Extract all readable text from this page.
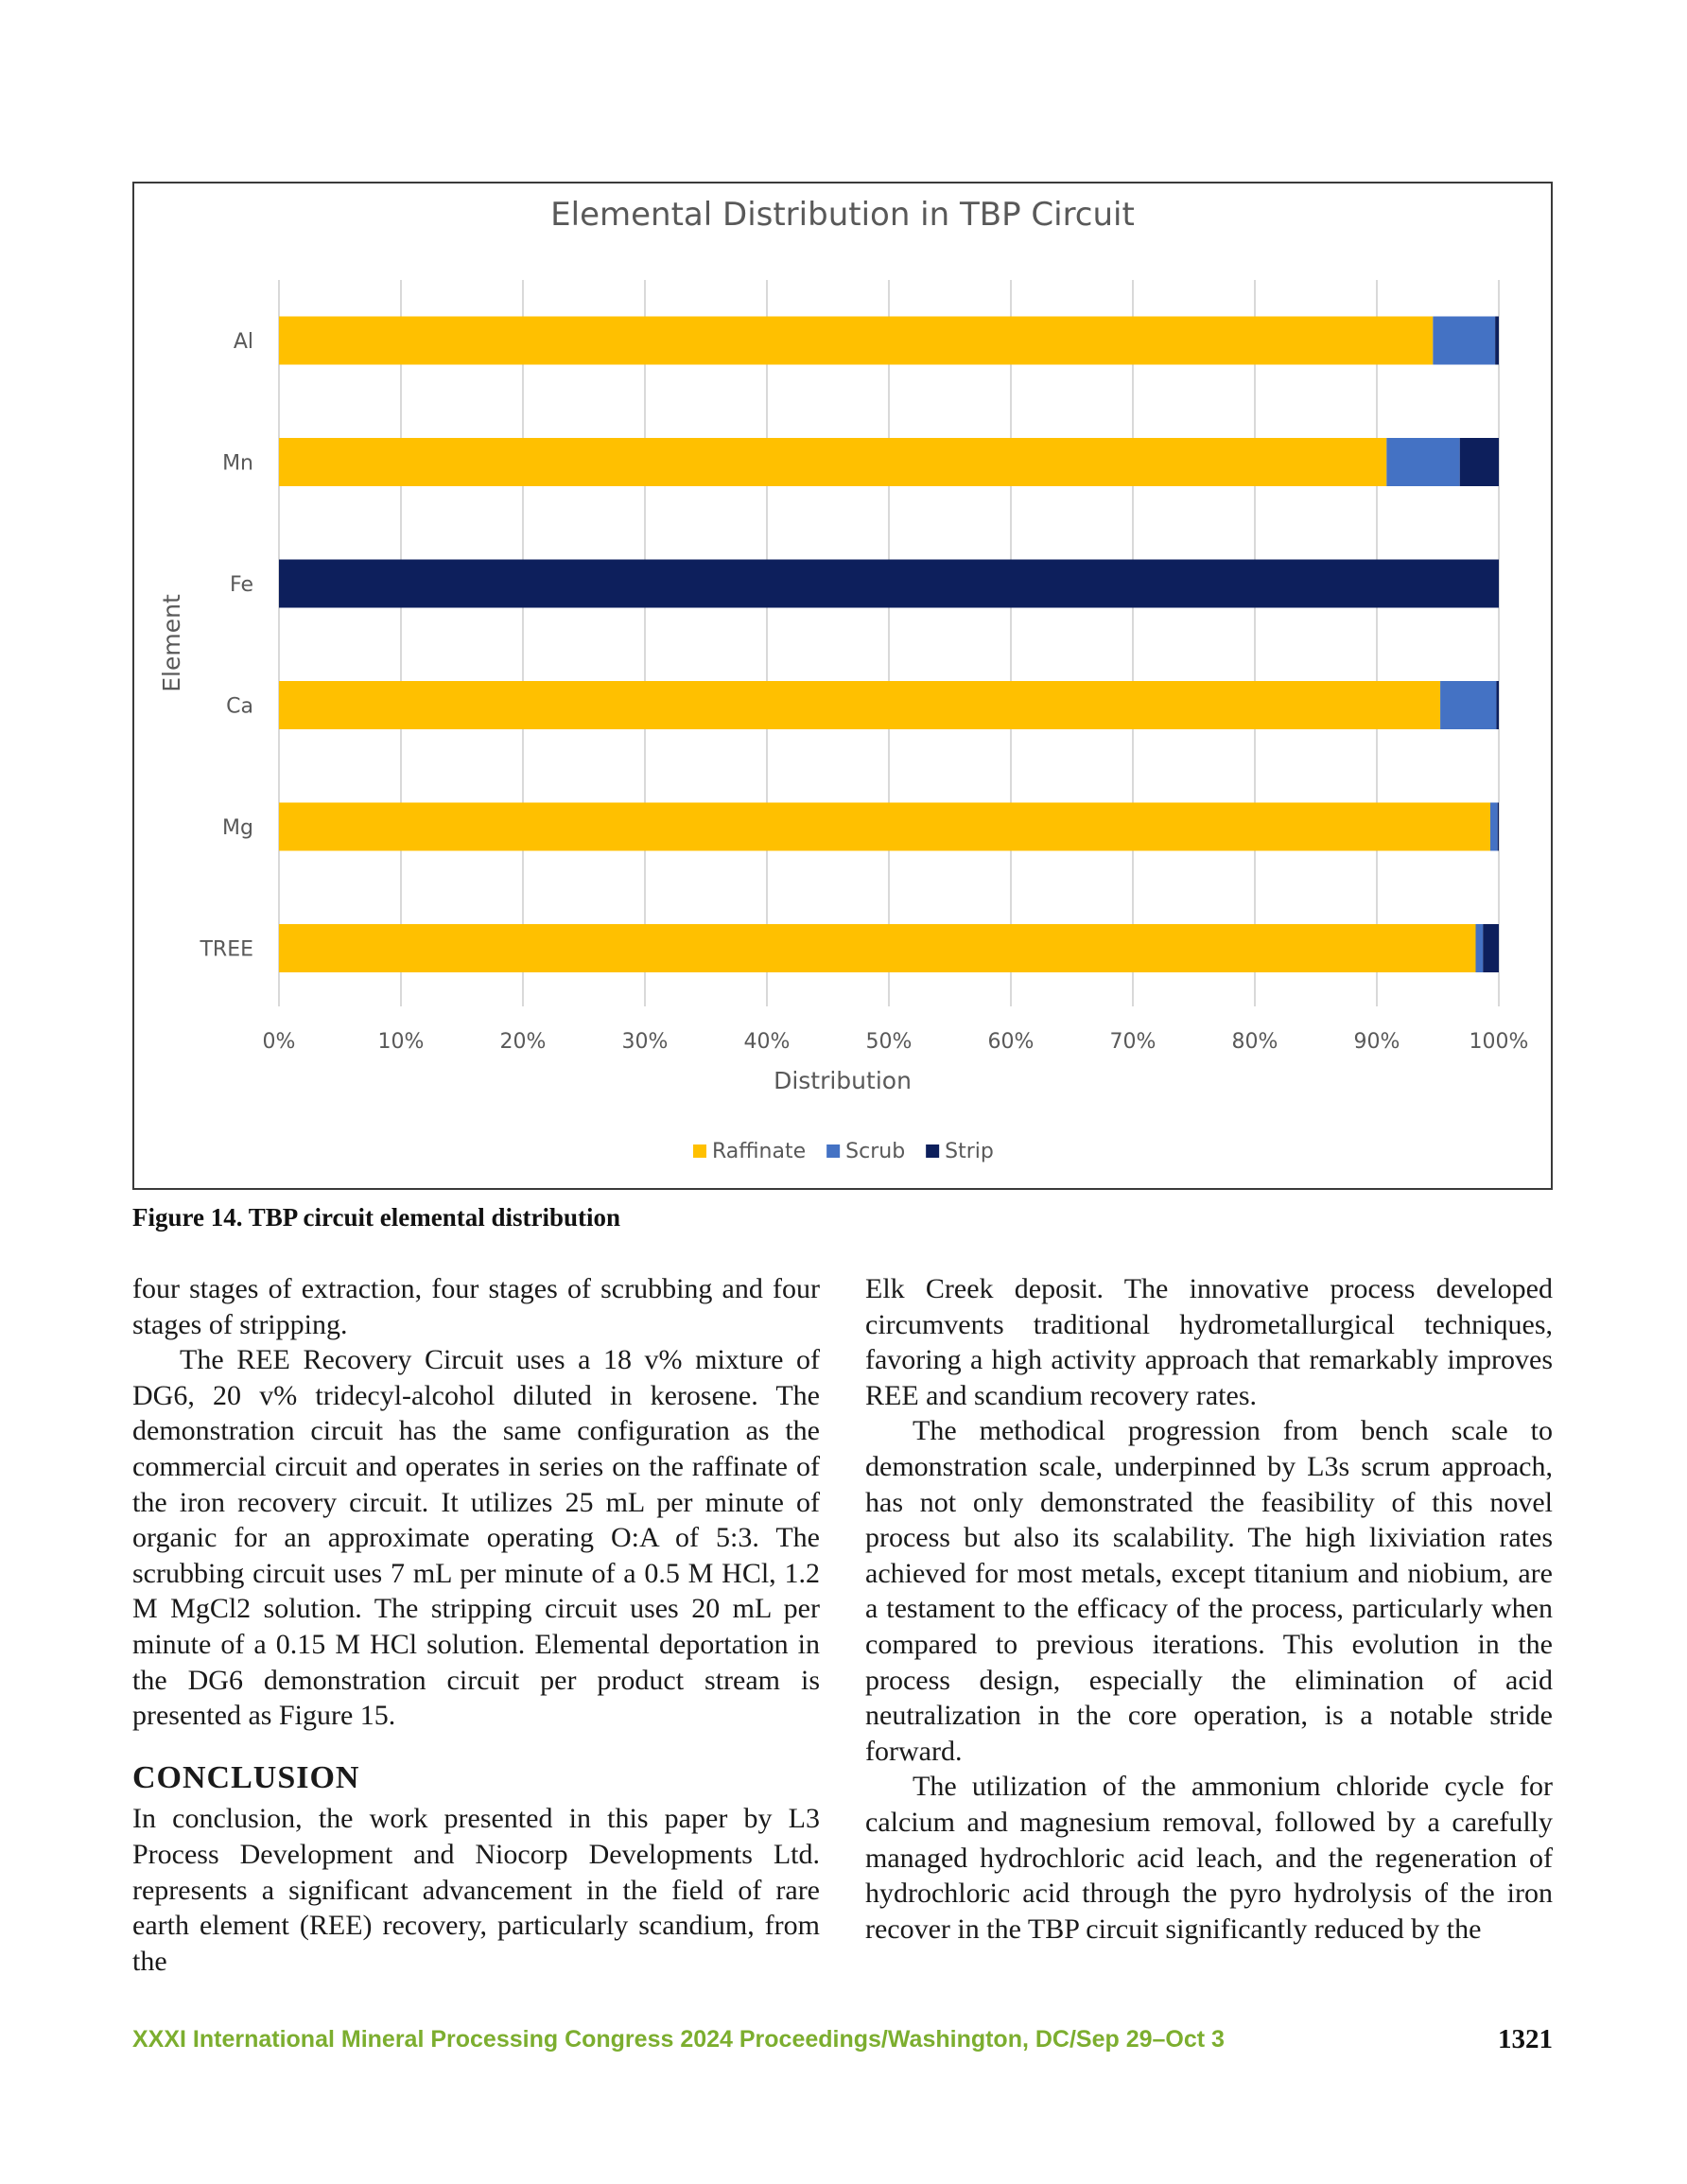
Elemental Distribution in TBP Circuit
0%	10%	20%	30%	40%	50%	60%	70%	80%	90%	100%
Al
Mn
Fe
Ca
Mg
TREE
Distribution
Element
Raffinate Scrub Strip
Figure 14. TBP circuit elemental distribution

four stages of extraction, four stages of scrubbing and four stages of stripping.

The REE Recovery Circuit uses a 18 v% mixture of DG6, 20 v% tridecyl-alcohol diluted in kerosene. The demonstration circuit has the same configuration as the commercial circuit and operates in series on the raffinate of the iron recovery circuit. It utilizes 25 mL per minute of organic for an approximate operating O:A of 5:3. The scrubbing circuit uses 7 mL per minute of a 0.5 M HCl, 1.2 M MgCl2 solution. The stripping circuit uses 20 mL per minute of a 0.15 M HCl solution. Elemental deportation in the DG6 demonstration circuit per product stream is presented as Figure 15.

CONCLUSION

In conclusion, the work presented in this paper by L3 Process Development and Niocorp Developments Ltd. represents a significant advancement in the field of rare earth element (REE) recovery, particularly scandium, from the

Elk Creek deposit. The innovative process developed circumvents traditional hydrometallurgical techniques, favoring a high activity approach that remarkably improves REE and scandium recovery rates.

The methodical progression from bench scale to demonstration scale, underpinned by L3s scrum approach, has not only demonstrated the feasibility of this novel process but also its scalability. The high lixiviation rates achieved for most metals, except titanium and niobium, are a testament to the efficacy of the process, particularly when compared to previous iterations. This evolution in the process design, especially the elimination of acid neutralization in the core operation, is a notable stride forward.

The utilization of the ammonium chloride cycle for calcium and magnesium removal, followed by a carefully managed hydrochloric acid leach, and the regeneration of hydrochloric acid through the pyro hydrolysis of the iron recover in the TBP circuit significantly reduced by the

XXXI International Mineral Processing Congress 2024 Proceedings/Washington, DC/Sep 29–Oct 3	1321
